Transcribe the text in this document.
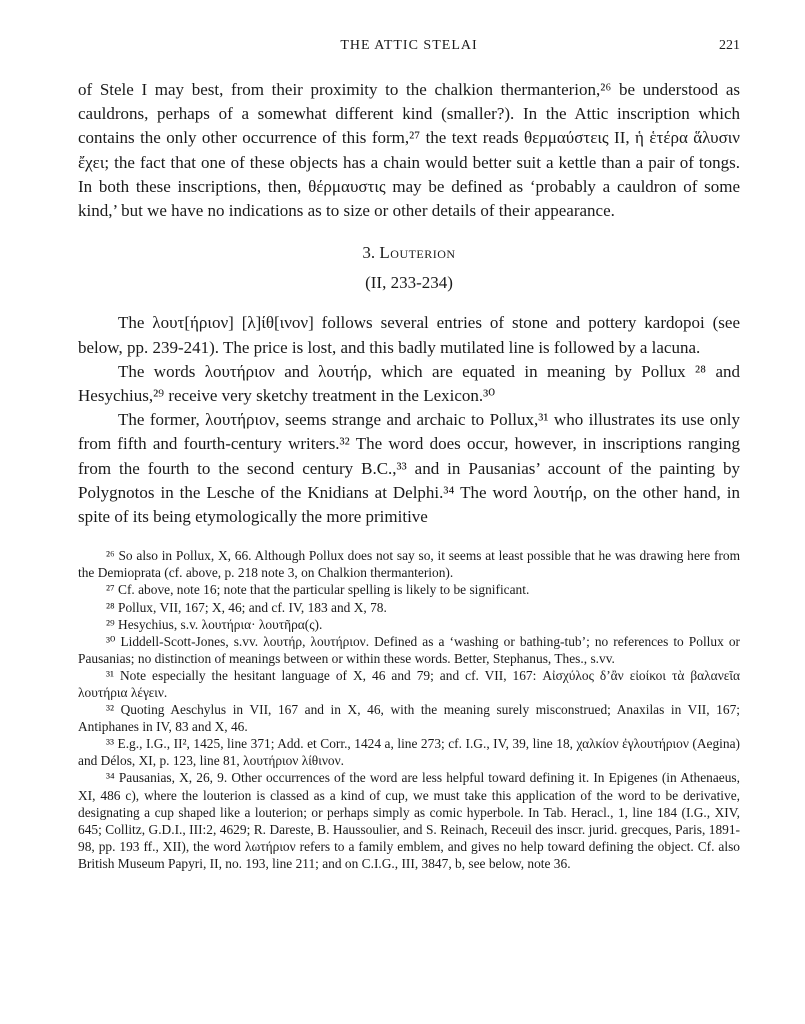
THE ATTIC STELAI	221

of Stele I may best, from their proximity to the chalkion thermanterion,²⁶ be understood as cauldrons, perhaps of a somewhat different kind (smaller?). In the Attic inscription which contains the only other occurrence of this form,²⁷ the text reads θερμαύστεις II, ἡ ἑτέρα ἅλυσιν ἔχει; the fact that one of these objects has a chain would better suit a kettle than a pair of tongs. In both these inscriptions, then, θέρμαυστις may be defined as ‘probably a cauldron of some kind,’ but we have no indications as to size or other details of their appearance.

3. Louterion
(II, 233-234)

The λουτ[ήριον] [λ]ίθ[ινον] follows several entries of stone and pottery kardopoi (see below, pp. 239-241). The price is lost, and this badly mutilated line is followed by a lacuna.

The words λουτήριον and λουτήρ, which are equated in meaning by Pollux ²⁸ and Hesychius,²⁹ receive very sketchy treatment in the Lexicon.³⁰

The former, λουτήριον, seems strange and archaic to Pollux,³¹ who illustrates its use only from fifth and fourth-century writers.³² The word does occur, however, in inscriptions ranging from the fourth to the second century B.C.,³³ and in Pausanias’ account of the painting by Polygnotos in the Lesche of the Knidians at Delphi.³⁴ The word λουτήρ, on the other hand, in spite of its being etymologically the more primitive

²⁶ So also in Pollux, X, 66. Although Pollux does not say so, it seems at least possible that he was drawing here from the Demioprata (cf. above, p. 218 note 3, on Chalkion thermanterion).

²⁷ Cf. above, note 16; note that the particular spelling is likely to be significant.

²⁸ Pollux, VII, 167; X, 46; and cf. IV, 183 and X, 78.

²⁹ Hesychius, s.v. λουτήρια· λουτῆρα(ς).

³⁰ Liddell-Scott-Jones, s.vv. λουτήρ, λουτήριον. Defined as a ‘washing or bathing-tub’; no references to Pollux or Pausanias; no distinction of meanings between or within these words. Better, Stephanus, Thes., s.vv.

³¹ Note especially the hesitant language of X, 46 and 79; and cf. VII, 167: Αἰσχύλος δ’ἂν εἰοίκοι τὰ βαλανεῖα λουτήρια λέγειν.

³² Quoting Aeschylus in VII, 167 and in X, 46, with the meaning surely misconstrued; Anaxilas in VII, 167; Antiphanes in IV, 83 and X, 46.

³³ E.g., I.G., II², 1425, line 371; Add. et Corr., 1424 a, line 273; cf. I.G., IV, 39, line 18, χαλκίον ἐγλουτήριον (Aegina) and Délos, XI, p. 123, line 81, λουτήριον λίθινον.

³⁴ Pausanias, X, 26, 9. Other occurrences of the word are less helpful toward defining it. In Epigenes (in Athenaeus, XI, 486 c), where the louterion is classed as a kind of cup, we must take this application of the word to be derivative, designating a cup shaped like a louterion; or perhaps simply as comic hyperbole. In Tab. Heracl., 1, line 184 (I.G., XIV, 645; Collitz, G.D.I., III:2, 4629; R. Dareste, B. Haussoulier, and S. Reinach, Receuil des inscr. jurid. grecques, Paris, 1891-98, pp. 193 ff., XII), the word λωτήριον refers to a family emblem, and gives no help toward defining the object. Cf. also British Museum Papyri, II, no. 193, line 211; and on C.I.G., III, 3847, b, see below, note 36.
